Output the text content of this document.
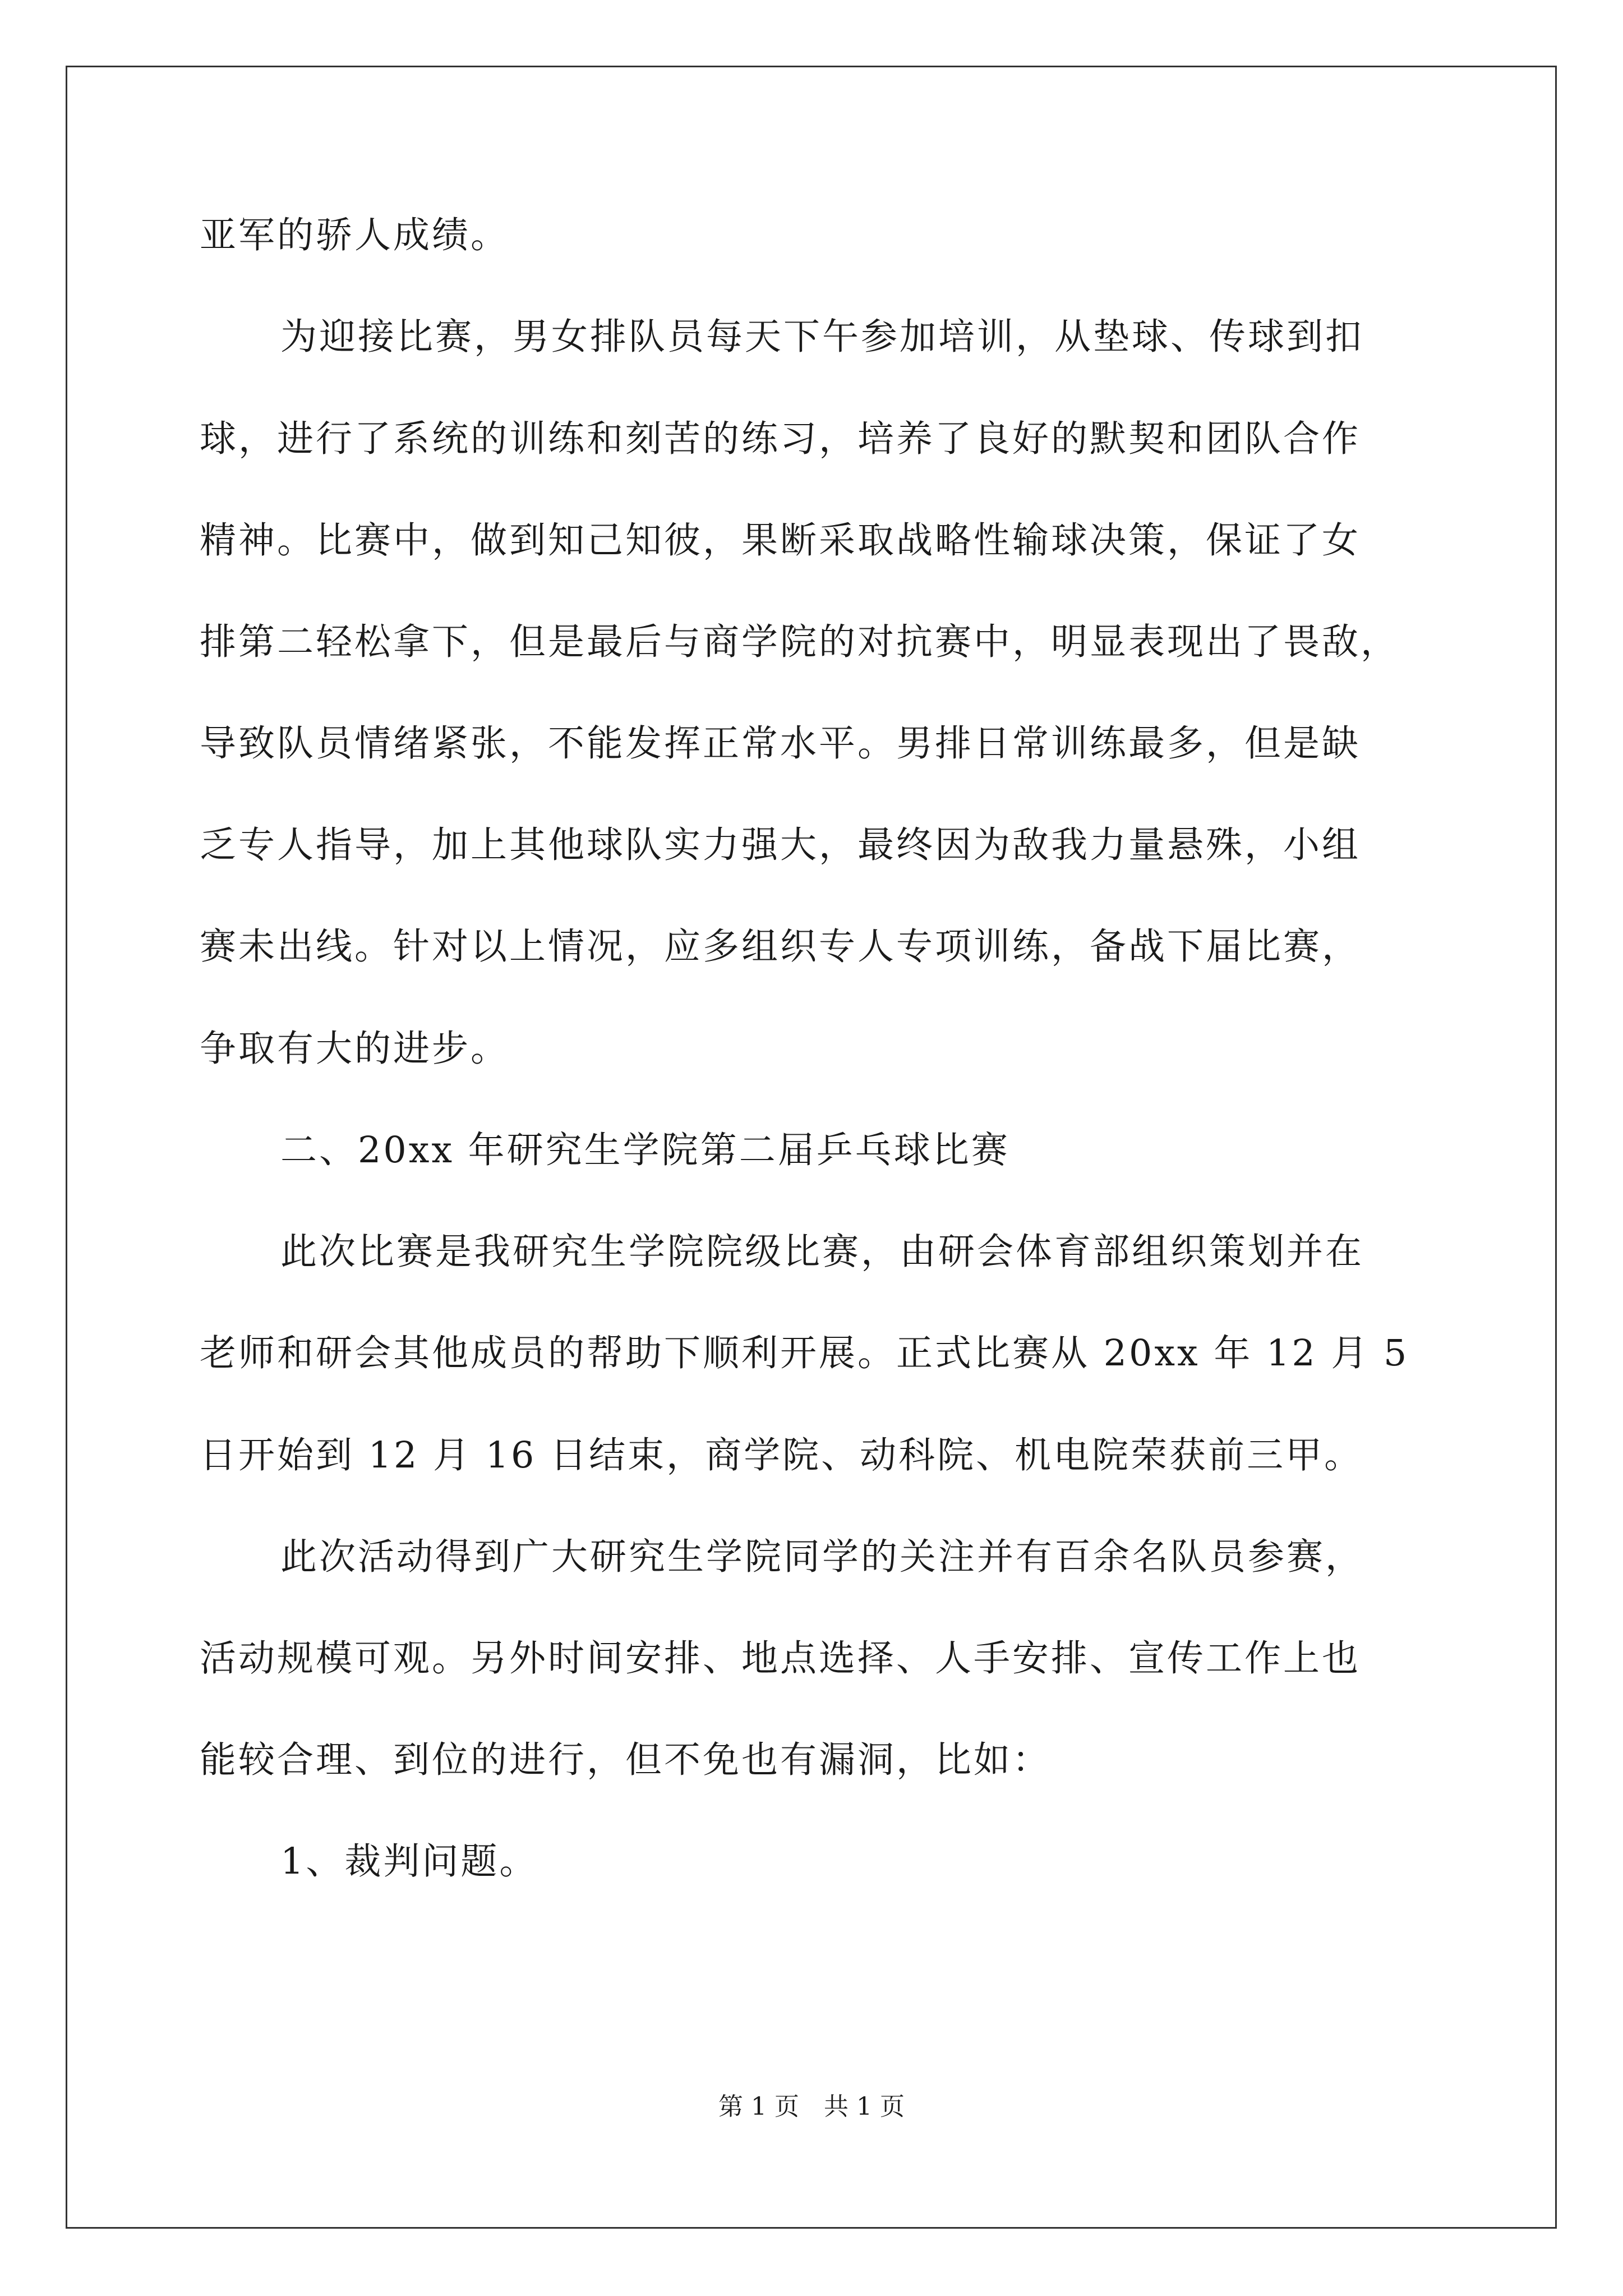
亚军的骄人成绩。
为迎接比赛，男女排队员每天下午参加培训，从垫球、传球到扣
球，进行了系统的训练和刻苦的练习，培养了良好的默契和团队合作
精神。比赛中，做到知己知彼，果断采取战略性输球决策，保证了女
排第二轻松拿下，但是最后与商学院的对抗赛中，明显表现出了畏敌，
导致队员情绪紧张，不能发挥正常水平。男排日常训练最多，但是缺
乏专人指导，加上其他球队实力强大，最终因为敌我力量悬殊，小组
赛未出线。针对以上情况，应多组织专人专项训练，备战下届比赛，
争取有大的进步。
二、20xx 年研究生学院第二届乒乓球比赛
此次比赛是我研究生学院院级比赛，由研会体育部组织策划并在
老师和研会其他成员的帮助下顺利开展。正式比赛从 20xx 年 12 月 5
日开始到 12 月 16 日结束，商学院、动科院、机电院荣获前三甲。
此次活动得到广大研究生学院同学的关注并有百余名队员参赛，
活动规模可观。另外时间安排、地点选择、人手安排、宣传工作上也
能较合理、到位的进行，但不免也有漏洞，比如：
1、裁判问题。
第 1 页　共 1 页
